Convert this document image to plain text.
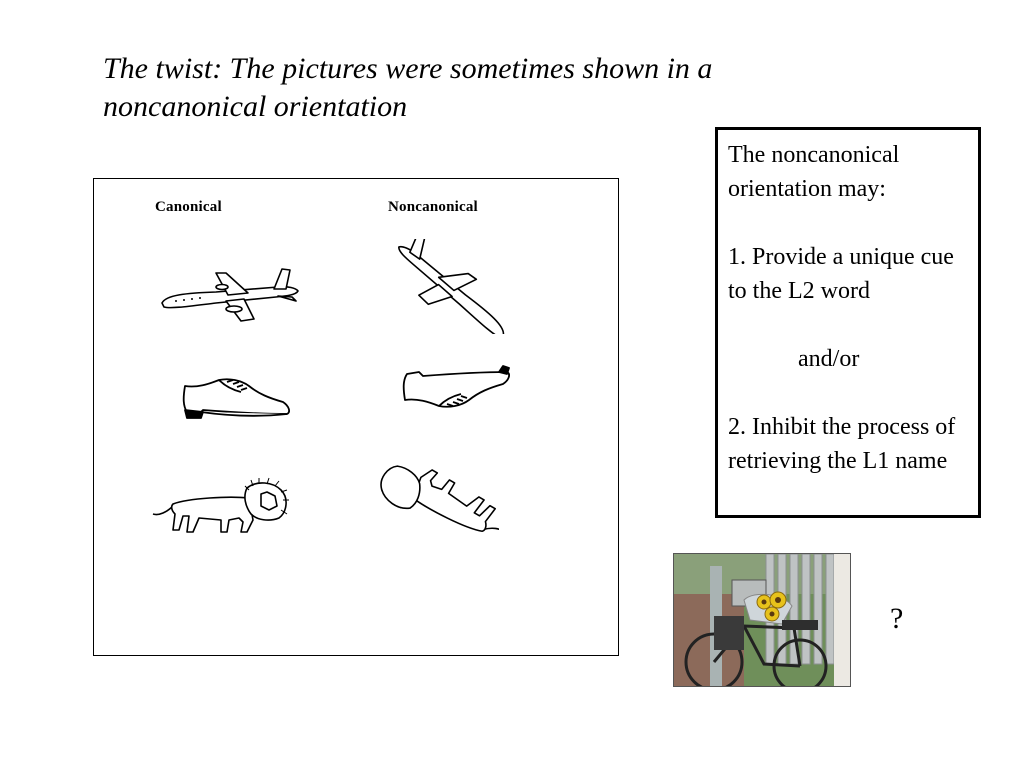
The twist: The pictures were sometimes shown in a noncanonical orientation
Canonical	Noncanonical

The noncanonical orientation may:

1. Provide a unique cue to the L2 word

and/or

2. Inhibit the process of retrieving the L1 name

?
